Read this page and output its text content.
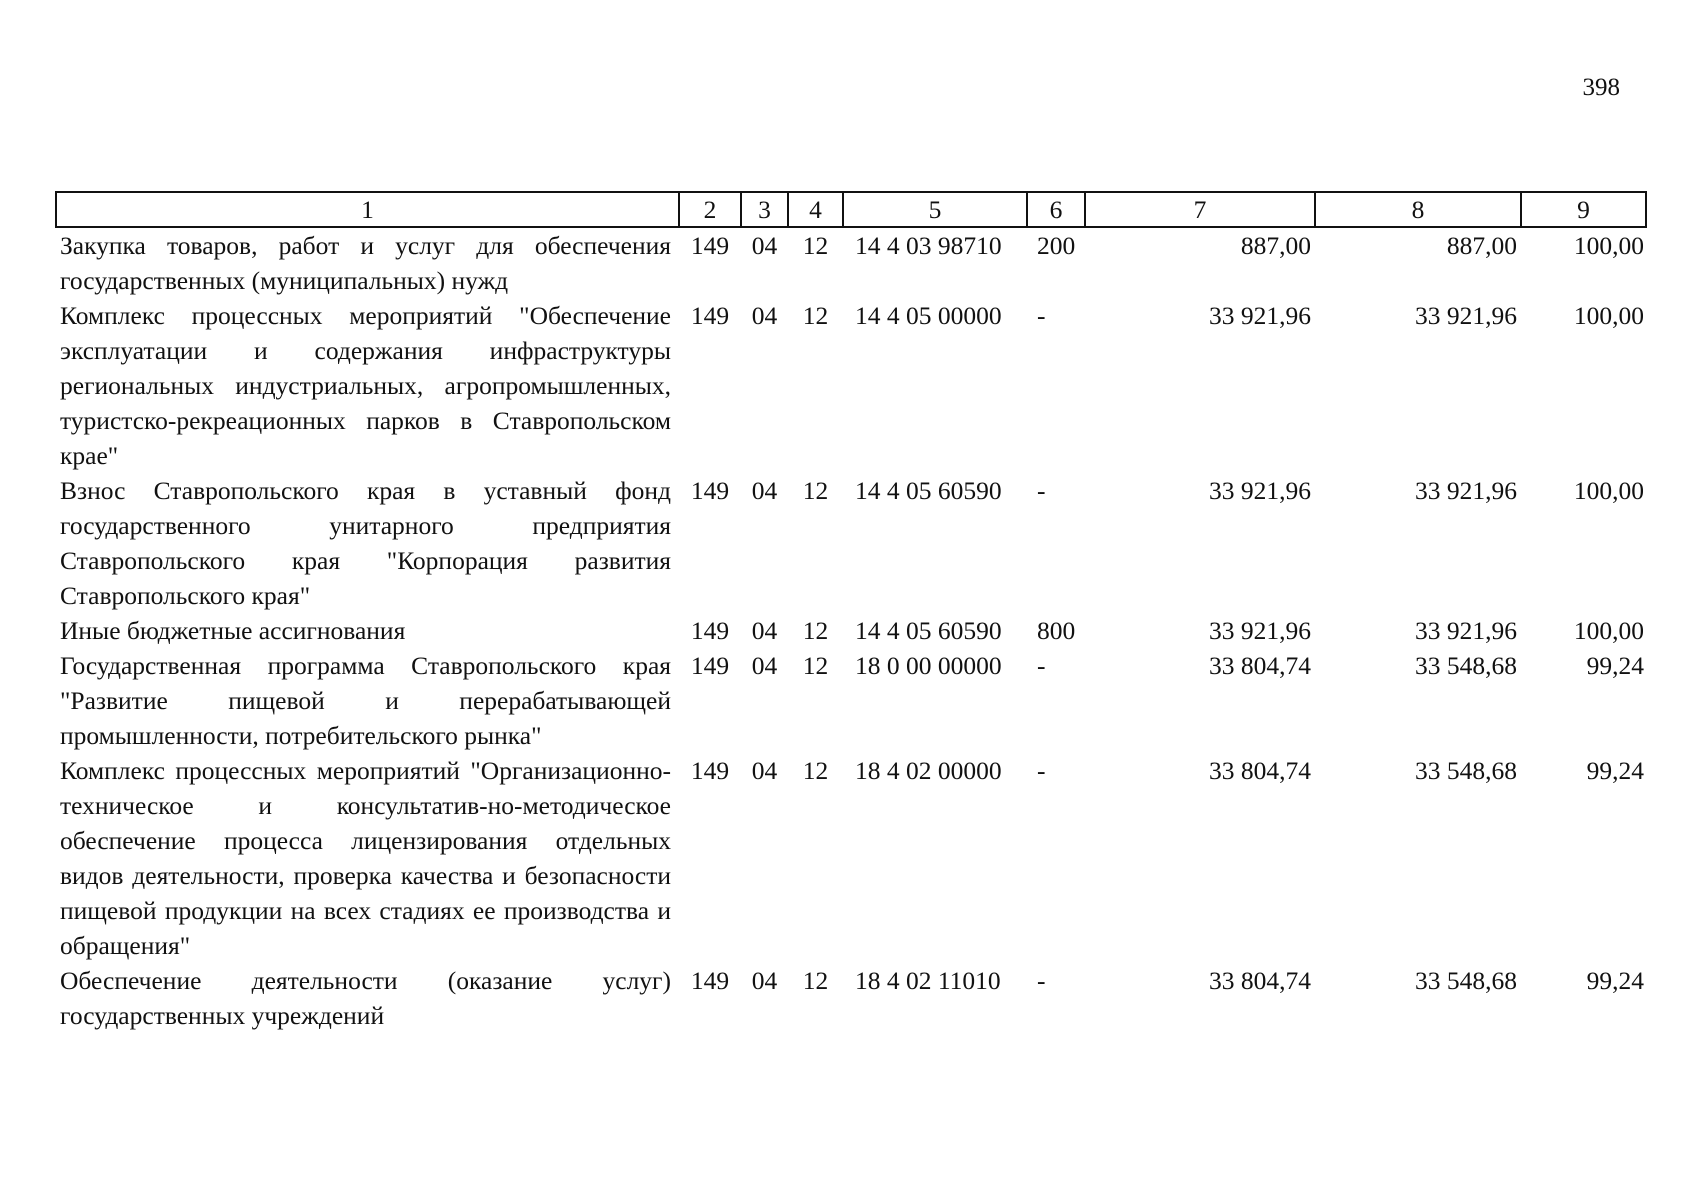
398
1	2	3	4	5	6	7	8	9
Закупка товаров, работ и услуг для обеспечения государственных (муниципальных) нужд	149	04	12	14 4 03 98710	200	887,00	887,00	100,00
Комплекс процессных мероприятий "Обеспечение эксплуатации и содержания инфраструктуры региональных индустриальных, агропромышленных, туристско-рекреационных парков в Ставропольском крае"	149	04	12	14 4 05 00000	-	33 921,96	33 921,96	100,00
Взнос Ставропольского края в уставный фонд государственного унитарного предприятия Ставропольского края "Корпорация развития Ставропольского края"	149	04	12	14 4 05 60590	-	33 921,96	33 921,96	100,00
Иные бюджетные ассигнования	149	04	12	14 4 05 60590	800	33 921,96	33 921,96	100,00
Государственная программа Ставропольского края "Развитие пищевой и перерабатывающей промышленности, потребительского рынка"	149	04	12	18 0 00 00000	-	33 804,74	33 548,68	99,24
Комплекс процессных мероприятий "Организационно-техническое и консультатив-но-методическое обеспечение процесса лицензирования отдельных видов деятельности, проверка качества и безопасности пищевой продукции на всех стадиях ее производства и обращения"	149	04	12	18 4 02 00000	-	33 804,74	33 548,68	99,24
Обеспечение деятельности (оказание услуг) государственных учреждений	149	04	12	18 4 02 11010	-	33 804,74	33 548,68	99,24
